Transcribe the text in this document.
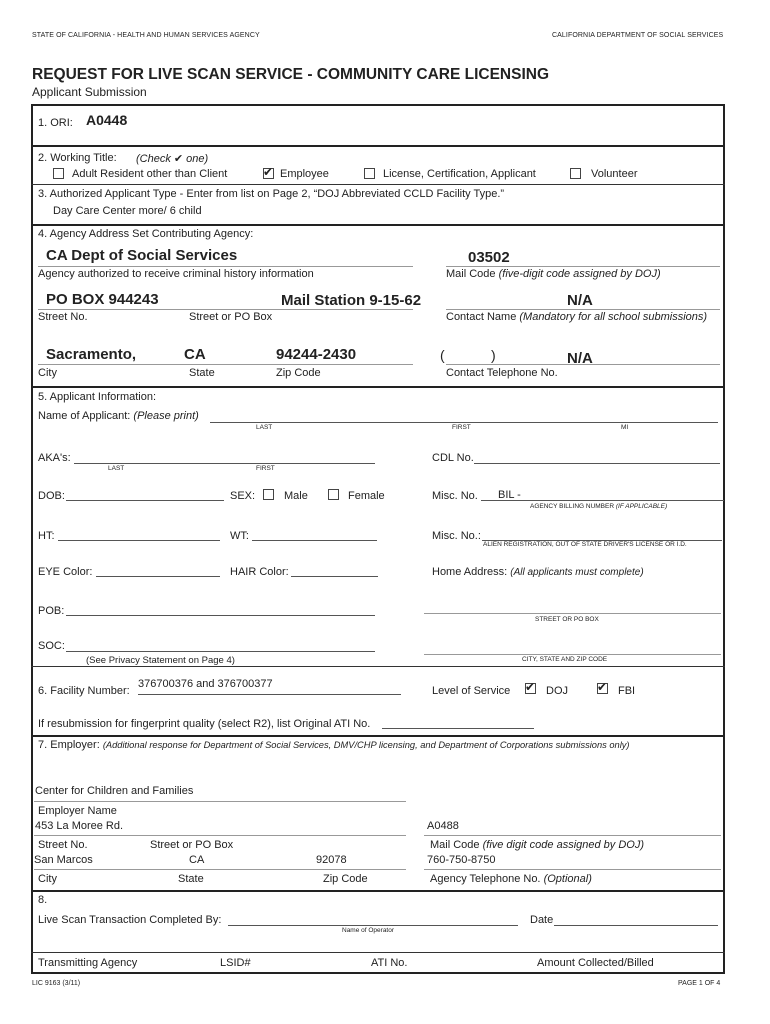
STATE OF CALIFORNIA - HEALTH AND HUMAN SERVICES AGENCY	CALIFORNIA DEPARTMENT OF SOCIAL SERVICES
REQUEST FOR LIVE SCAN SERVICE - COMMUNITY CARE LICENSING
Applicant Submission
1. ORI: A0448
2. Working Title: (Check ✔ one)
Adult Resident other than Client	✔ Employee	License, Certification, Applicant	Volunteer
3. Authorized Applicant Type - Enter from list on Page 2, “DOJ Abbreviated CCLD Facility Type.”
Day Care Center more/ 6 child
4. Agency Address Set Contributing Agency:
CA Dept of Social Services	03502
Agency authorized to receive criminal history information	Mail Code (five-digit code assigned by DOJ)
PO BOX 944243	Mail Station 9-15-62	N/A
Street No.	Street or PO Box	Contact Name (Mandatory for all school submissions)
Sacramento,	CA	94244-2430	(	)	N/A
City	State	Zip Code	Contact Telephone No.
5. Applicant Information:
Name of Applicant: (Please print)
LAST	FIRST	MI
AKA's:
LAST	FIRST
CDL No.
DOB:	SEX:	Male	Female	Misc. No. BIL -
AGENCY BILLING NUMBER (IF APPLICABLE)
HT:	WT:	Misc. No.:
ALIEN REGISTRATION, OUT OF STATE DRIVER'S LICENSE OR I.D.
EYE Color:	HAIR Color:	Home Address: (All applicants must complete)
POB:
STREET OR PO BOX
SOC:
(See Privacy Statement on Page 4)	CITY, STATE AND ZIP CODE
6. Facility Number:
376700376 and 376700377
Level of Service ✔ DOJ ✔ FBI
If resubmission for fingerprint quality (select R2), list Original ATI No.
7. Employer: (Additional response for Department of Social Services, DMV/CHP licensing, and Department of Corporations submissions only)
Center for Children and Families
Employer Name
453 La Moree Rd.	A0488
Street No.	Street or PO Box	Mail Code (five digit code assigned by DOJ)
San Marcos	CA	92078	760-750-8750
City	State	Zip Code	Agency Telephone No. (Optional)
8.
Live Scan Transaction Completed By:
Name of Operator
Date
Transmitting Agency	LSID#	ATI No.	Amount Collected/Billed
LIC 9163 (3/11)	PAGE 1 OF 4
